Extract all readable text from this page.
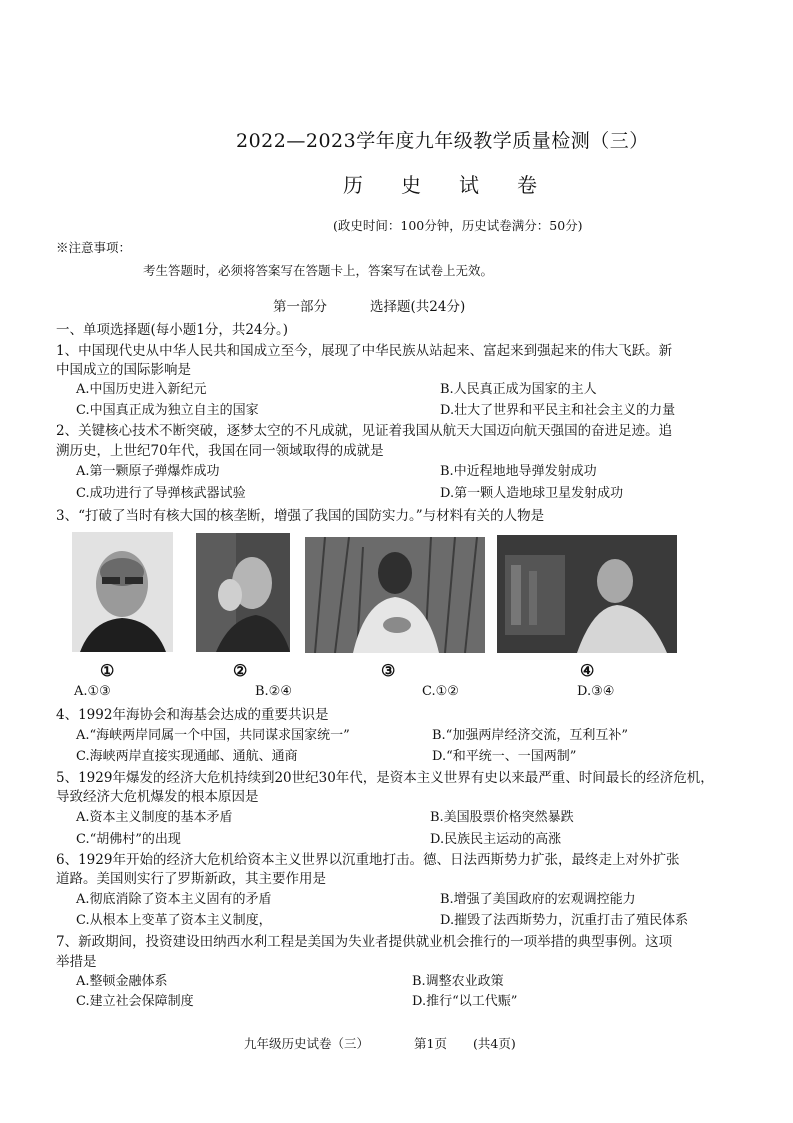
2022—2023学年度九年级教学质量检测（三）
历 史 试 卷
(政史时间：100分钟，历史试卷满分：50分)
※注意事项：
考生答题时，必须将答案写在答题卡上，答案写在试卷上无效。
第一部分	选择题(共24分)
一、单项选择题(每小题1分，共24分。)
1、中国现代史从中华人民共和国成立至今，展现了中华民族从站起来、富起来到强起来的伟大飞跃。新
中国成立的国际影响是
A.中国历史进入新纪元	B.人民真正成为国家的主人
C.中国真正成为独立自主的国家	D.壮大了世界和平民主和社会主义的力量
2、关键核心技术不断突破，逐梦太空的不凡成就，见证着我国从航天大国迈向航天强国的奋进足迹。追
溯历史，上世纪70年代，我国在同一领域取得的成就是
A.第一颗原子弹爆炸成功	B.中近程地地导弹发射成功
C.成功进行了导弹核武器试验	D.第一颗人造地球卫星发射成功
3、“打破了当时有核大国的核垄断，增强了我国的国防实力。”与材料有关的人物是
①	②	③	④
A.①③	B.②④	C.①②	D.③④
4、1992年海协会和海基会达成的重要共识是
A.“海峡两岸同属一个中国，共同谋求国家统一”	B.“加强两岸经济交流，互利互补”
C.海峡两岸直接实现通邮、通航、通商	D.“和平统一、一国两制”
5、1929年爆发的经济大危机持续到20世纪30年代，是资本主义世界有史以来最严重、时间最长的经济危机，
导致经济大危机爆发的根本原因是
A.资本主义制度的基本矛盾	B.美国股票价格突然暴跌
C.“胡佛村”的出现	D.民族民主运动的高涨
6、1929年开始的经济大危机给资本主义世界以沉重地打击。德、日法西斯势力扩张，最终走上对外扩张
道路。美国则实行了罗斯新政，其主要作用是
A.彻底消除了资本主义固有的矛盾	B.增强了美国政府的宏观调控能力
C.从根本上变革了资本主义制度，	D.摧毁了法西斯势力，沉重打击了殖民体系
7、新政期间，投资建设田纳西水利工程是美国为失业者提供就业机会推行的一项举措的典型事例。这项
举措是
A.整顿金融体系	B.调整农业政策
C.建立社会保障制度	D.推行“以工代赈”
九年级历史试卷（三）	第1页 (共4页)
